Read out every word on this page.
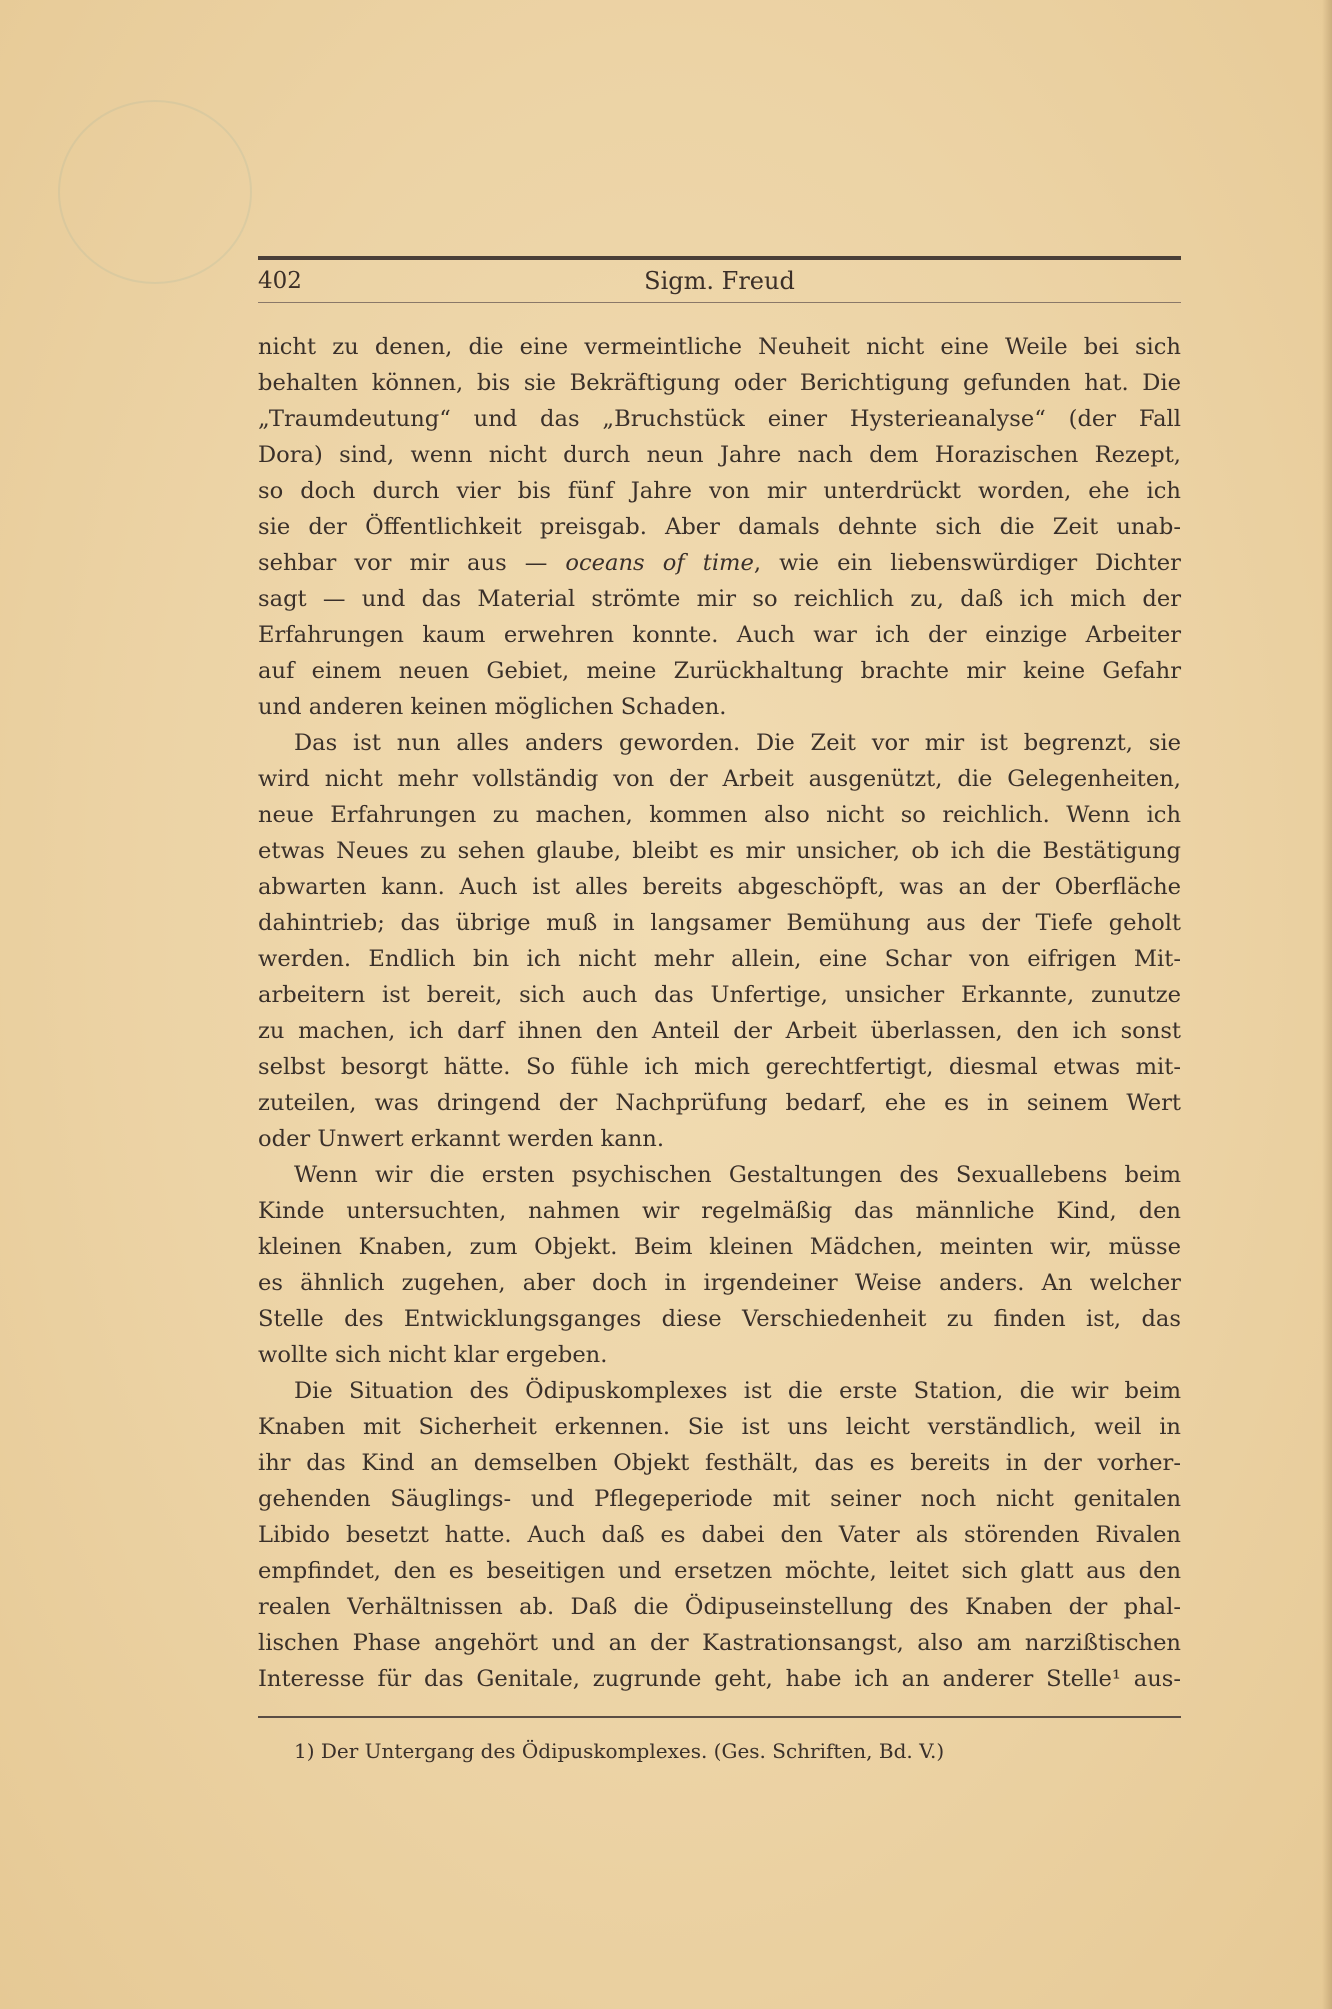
402	Sigm. Freud
nicht zu denen, die eine vermeintliche Neuheit nicht eine Weile bei sich
behalten können, bis sie Bekräftigung oder Berichtigung gefunden hat. Die
„Traumdeutung“ und das „Bruchstück einer Hysterieanalyse“ (der Fall
Dora) sind, wenn nicht durch neun Jahre nach dem Horazischen Rezept,
so doch durch vier bis fünf Jahre von mir unterdrückt worden, ehe ich
sie der Öffentlichkeit preisgab. Aber damals dehnte sich die Zeit unab-
sehbar vor mir aus — oceans of time, wie ein liebenswürdiger Dichter
sagt — und das Material strömte mir so reichlich zu, daß ich mich der
Erfahrungen kaum erwehren konnte. Auch war ich der einzige Arbeiter
auf einem neuen Gebiet, meine Zurückhaltung brachte mir keine Gefahr
und anderen keinen möglichen Schaden.
Das ist nun alles anders geworden. Die Zeit vor mir ist begrenzt, sie
wird nicht mehr vollständig von der Arbeit ausgenützt, die Gelegenheiten,
neue Erfahrungen zu machen, kommen also nicht so reichlich. Wenn ich
etwas Neues zu sehen glaube, bleibt es mir unsicher, ob ich die Bestätigung
abwarten kann. Auch ist alles bereits abgeschöpft, was an der Oberfläche
dahintrieb; das übrige muß in langsamer Bemühung aus der Tiefe geholt
werden. Endlich bin ich nicht mehr allein, eine Schar von eifrigen Mit-
arbeitern ist bereit, sich auch das Unfertige, unsicher Erkannte, zunutze
zu machen, ich darf ihnen den Anteil der Arbeit überlassen, den ich sonst
selbst besorgt hätte. So fühle ich mich gerechtfertigt, diesmal etwas mit-
zuteilen, was dringend der Nachprüfung bedarf, ehe es in seinem Wert
oder Unwert erkannt werden kann.
Wenn wir die ersten psychischen Gestaltungen des Sexuallebens beim
Kinde untersuchten, nahmen wir regelmäßig das männliche Kind, den
kleinen Knaben, zum Objekt. Beim kleinen Mädchen, meinten wir, müsse
es ähnlich zugehen, aber doch in irgendeiner Weise anders. An welcher
Stelle des Entwicklungsganges diese Verschiedenheit zu finden ist, das
wollte sich nicht klar ergeben.
Die Situation des Ödipuskomplexes ist die erste Station, die wir beim
Knaben mit Sicherheit erkennen. Sie ist uns leicht verständlich, weil in
ihr das Kind an demselben Objekt festhält, das es bereits in der vorher-
gehenden Säuglings- und Pflegeperiode mit seiner noch nicht genitalen
Libido besetzt hatte. Auch daß es dabei den Vater als störenden Rivalen
empfindet, den es beseitigen und ersetzen möchte, leitet sich glatt aus den
realen Verhältnissen ab. Daß die Ödipuseinstellung des Knaben der phal-
lischen Phase angehört und an der Kastrationsangst, also am narzißtischen
Interesse für das Genitale, zugrunde geht, habe ich an anderer Stelle¹ aus-
1) Der Untergang des Ödipuskomplexes. (Ges. Schriften, Bd. V.)
